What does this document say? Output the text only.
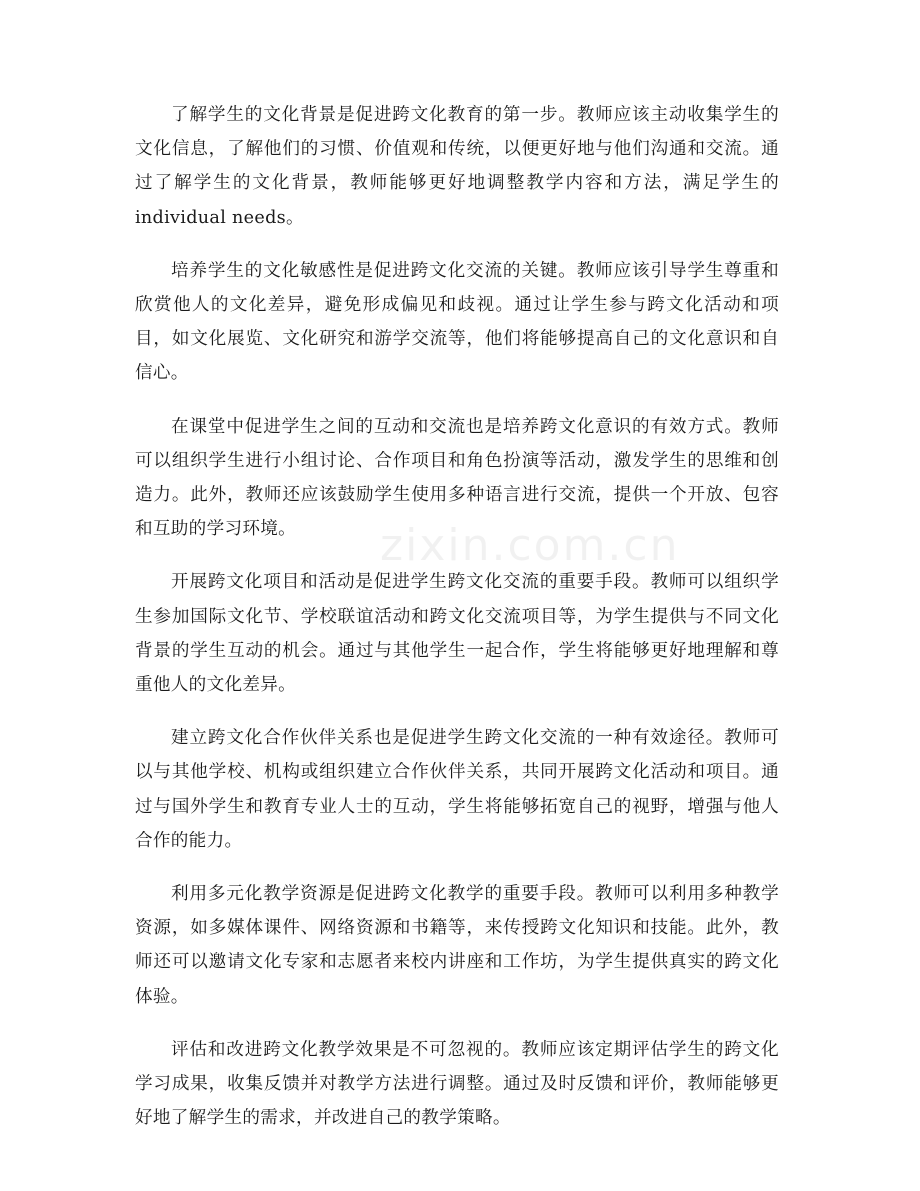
了解学生的文化背景是促进跨文化教育的第一步。教师应该主动收集学生的文化信息，了解他们的习惯、价值观和传统，以便更好地与他们沟通和交流。通过了解学生的文化背景，教师能够更好地调整教学内容和方法，满足学生的 individual needs。

培养学生的文化敏感性是促进跨文化交流的关键。教师应该引导学生尊重和欣赏他人的文化差异，避免形成偏见和歧视。通过让学生参与跨文化活动和项目，如文化展览、文化研究和游学交流等，他们将能够提高自己的文化意识和自信心。

在课堂中促进学生之间的互动和交流也是培养跨文化意识的有效方式。教师可以组织学生进行小组讨论、合作项目和角色扮演等活动，激发学生的思维和创造力。此外，教师还应该鼓励学生使用多种语言进行交流，提供一个开放、包容和互助的学习环境。

开展跨文化项目和活动是促进学生跨文化交流的重要手段。教师可以组织学生参加国际文化节、学校联谊活动和跨文化交流项目等，为学生提供与不同文化背景的学生互动的机会。通过与其他学生一起合作，学生将能够更好地理解和尊重他人的文化差异。

建立跨文化合作伙伴关系也是促进学生跨文化交流的一种有效途径。教师可以与其他学校、机构或组织建立合作伙伴关系，共同开展跨文化活动和项目。通过与国外学生和教育专业人士的互动，学生将能够拓宽自己的视野，增强与他人合作的能力。

利用多元化教学资源是促进跨文化教学的重要手段。教师可以利用多种教学资源，如多媒体课件、网络资源和书籍等，来传授跨文化知识和技能。此外，教师还可以邀请文化专家和志愿者来校内讲座和工作坊，为学生提供真实的跨文化体验。

评估和改进跨文化教学效果是不可忽视的。教师应该定期评估学生的跨文化学习成果，收集反馈并对教学方法进行调整。通过及时反馈和评价，教师能够更好地了解学生的需求，并改进自己的教学策略。

zixin.com.cn
